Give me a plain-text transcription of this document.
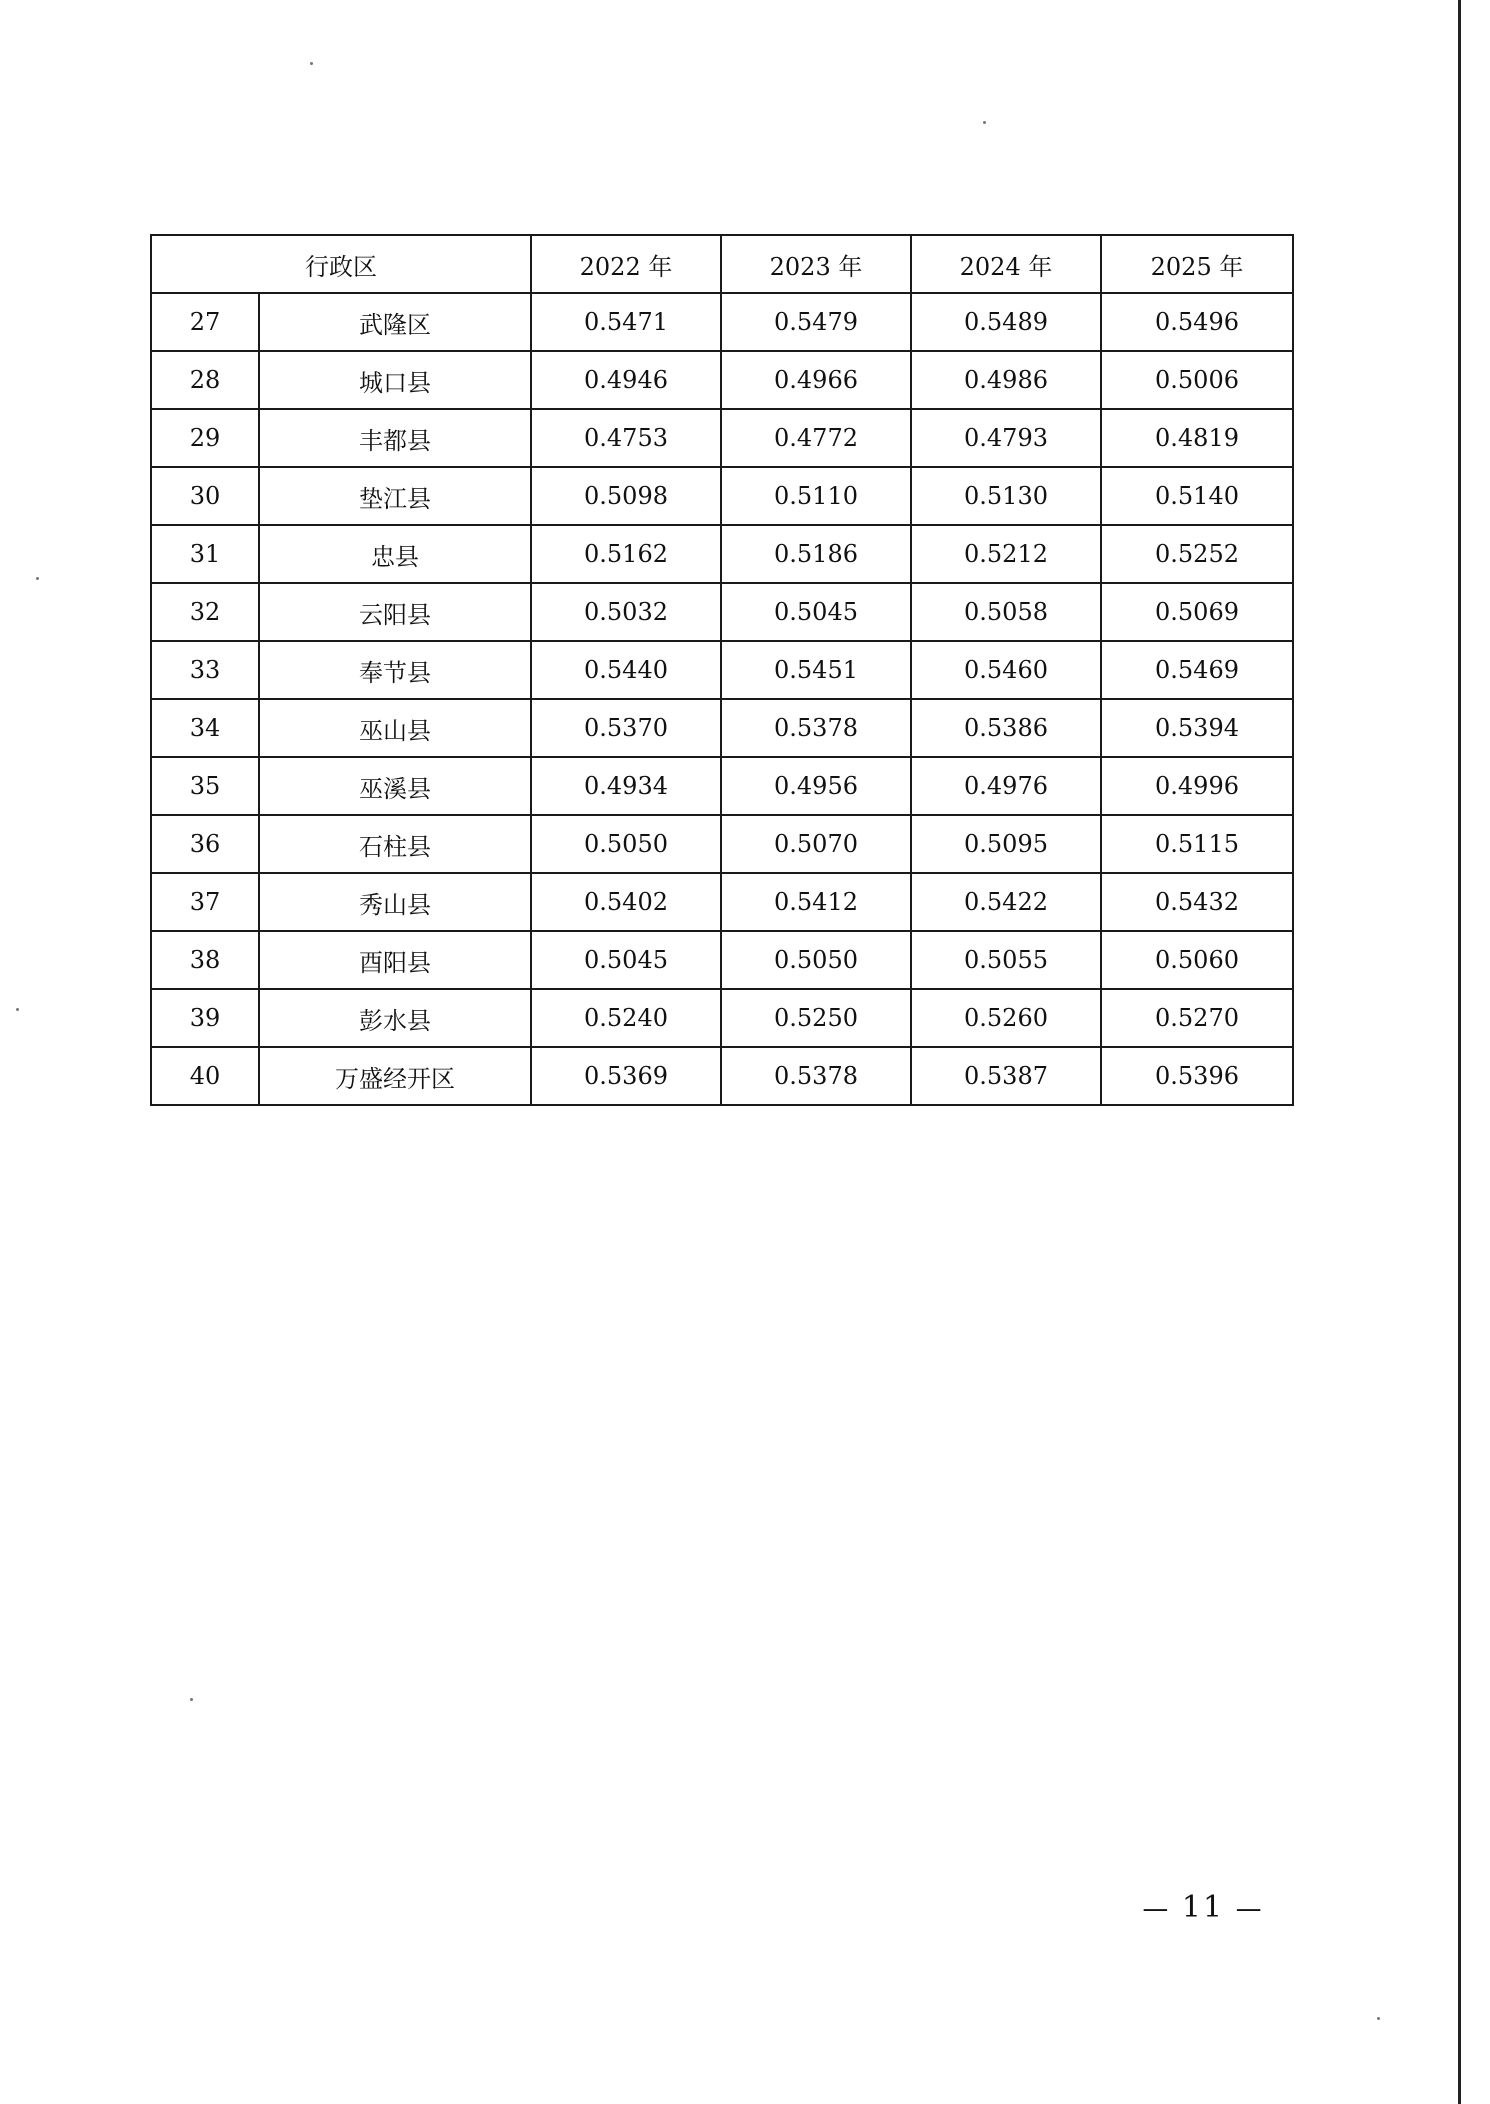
行政区		2022 年	2023 年	2024 年	2025 年
27	武隆区	0.5471	0.5479	0.5489	0.5496
28	城口县	0.4946	0.4966	0.4986	0.5006
29	丰都县	0.4753	0.4772	0.4793	0.4819
30	垫江县	0.5098	0.5110	0.5130	0.5140
31	忠县	0.5162	0.5186	0.5212	0.5252
32	云阳县	0.5032	0.5045	0.5058	0.5069
33	奉节县	0.5440	0.5451	0.5460	0.5469
34	巫山县	0.5370	0.5378	0.5386	0.5394
35	巫溪县	0.4934	0.4956	0.4976	0.4996
36	石柱县	0.5050	0.5070	0.5095	0.5115
37	秀山县	0.5402	0.5412	0.5422	0.5432
38	酉阳县	0.5045	0.5050	0.5055	0.5060
39	彭水县	0.5240	0.5250	0.5260	0.5270
40	万盛经开区	0.5369	0.5378	0.5387	0.5396
— 11 —
